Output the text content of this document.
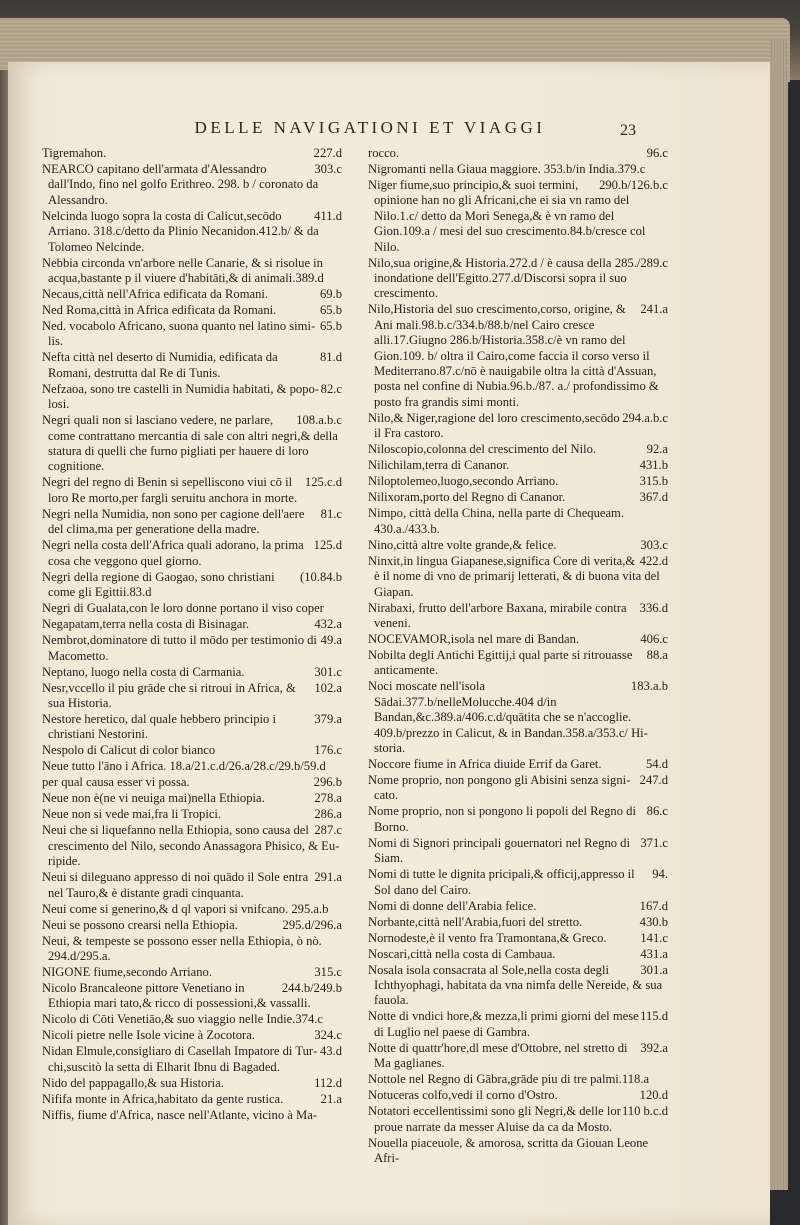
DELLE NAVIGATIONI ET VIAGGI	23
227.d
Tigremahon.
303.c
NEARCO capitano dell'armata d'Alessandro dall'Indo, fino nel golfo Erithreo. 298. b / coronato da Alessandro.
411.d
Nelcinda luogo sopra la costa di Calicut,secōdo Arriano. 318.c/detto da Plinio Necanidon.412.b/ & da Tolomeo Nelcinde.
Nebbia circonda vn'arbore nelle Canarie, & si risolue in acqua,bastante p il viuere d'habitāti,& di animali.389.d
69.b
Necaus,città nell'Africa edificata da Romani.
65.b
Ned Roma,città in Africa edificata da Romani.
65.b
Ned. vocabolo Africano, suona quanto nel latino similis.
81.d
Nefta città nel deserto di Numidia, edificata da Romani, destrutta dal Re di Tunis.
82.c
Nefzaoa, sono tre castelli in Numidia habitati, & popolosi.
108.a.b.c
Negri quali non si lasciano vedere, ne parlare, come contrattano mercantia di sale con altri negri,& della statura di quelli che furno pigliati per hauere di loro cognitione.
125.c.d
Negri del regno di Benin si sepelliscono viui cō il loro Re morto,per fargli seruitu anchora in morte.
81.c
Negri nella Numidia, non sono per cagione dell'aere del clima,ma per generatione della madre.
125.d
Negri nella costa dell'Africa quali adorano, la prima cosa che veggono quel giorno.
(10.84.b
Negri della regione di Gaogao, sono christiani come gli Egittii.83.d
Negri di Gualata,con le loro donne portano il viso coper
432.a
Negapatam,terra nella costa di Bisinagar.
49.a
Nembrot,dominatore di tutto il mōdo per testimonio di Macometto.
301.c
Neptano, luogo nella costa di Carmania.
102.a
Nesr,vccello il piu grāde che si ritroui in Africa, & sua Historia.
379.a
Nestore heretico, dal quale hebbero principio i christiani Nestorini.
176.c
Nespolo di Calicut di color bianco
Neue tutto l'āno i Africa. 18.a/21.c.d/26.a/28.c/29.b/59.d
296.b
per qual causa esser vi possa.
278.a
Neue non è(ne vi neuiga mai)nella Ethiopia.
286.a
Neue non si vede mai,fra li Tropici.
287.c
Neui che si liquefanno nella Ethiopia, sono causa del crescimento del Nilo, secondo Anassagora Phisico, & Euripide.
291.a
Neui si dileguano appresso di noi quādo il Sole entra nel Tauro,& è distante gradi cinquanta.
Neui come si generino,& d ql vapori si vnifcano. 295.a.b
295.d/296.a
Neui se possono crearsi nella Ethiopia.
Neui, & tempeste se possono esser nella Ethiopia, ò nò. 294.d/295.a.
315.c
NIGONE fiume,secondo Arriano.
244.b/249.b
Nicolo Brancaleone pittore Venetiano in Ethiopia mari tato,& ricco di possessioni,& vassalli.
Nicolo di Cōti Venetiāo,& suo viaggio nelle Indie.374.c
324.c
Nicoli pietre nelle Isole vicine à Zocotora.
43.d
Nidan Elmule,consigliaro di Casellah Impatore di Turchi,suscitò la setta di Elharit Ibnu di Bagaded.
112.d
Nido del pappagallo,& sua Historia.
21.a
Nififa monte in Africa,habitato da gente rustica.
Niffis, fiume d'Africa, nasce nell'Atlante, vicino à Ma-
96.c
rocco.
Nigromanti nella Giaua maggiore. 353.b/in India.379.c
290.b/126.b.c
Niger fiume,suo principio,& suoi termini, opinione han no gli Africani,che ei sia vn ramo del Nilo.1.c/ detto da Mori Senega,& è vn ramo del Gion.109.a / mesi del suo crescimento.84.b/cresce col Nilo.
285./289.c
Nilo,sua origine,& Historia.272.d / è causa della inondatione dell'Egitto.277.d/Discorsi sopra il suo crescimento.
241.a
Nilo,Historia del suo crescimento,corso, origine, & Ani mali.98.b.c/334.b/88.b/nel Cairo cresce alli.17.Giugno 286.b/Historia.358.c/è vn ramo del Gion.109. b/ oltra il Cairo,come faccia il corso verso il Mediterrano.87.c/nō è nauigabile oltra la città d'Assuan, posta nel confine di Nubia.96.b./87. a./ profondissimo & posto fra grandis simi monti.
294.a.b.c
Nilo,& Niger,ragione del loro crescimento,secōdo il Fra castoro.
92.a
Niloscopio,colonna del crescimento del Nilo.
431.b
Nilichilam,terra di Cananor.
315.b
Niloptolemeo,luogo,secondo Arriano.
367.d
Nilixoram,porto del Regno di Cananor.
Nimpo, città della China, nella parte di Chequeam. 430.a./433.b.
303.c
Nino,città altre volte grande,& felice.
422.d
Ninxit,in lingua Giapanese,significa Core di verita,& è il nome di vno de primarij letterati, & di buona vita del Giapan.
336.d
Nirabaxi, frutto dell'arbore Baxana, mirabile contra veneni.
406.c
NOCEVAMOR,isola nel mare di Bandan.
88.a
Nobilta degli Antichi Egittij,i qual parte si ritrouasse anticamente.
183.a.b
Noci moscate nell'isola Sādai.377.b/nelleMolucche.404 d/in Bandan,&c.389.a/406.c.d/quātita che se n'accoglie. 409.b/prezzo in Calicut, & in Bandan.358.a/353.c/ Historia.
54.d
Noccore fiume in Africa diuide Errif da Garet.
247.d
Nome proprio, non pongono gli Abisini senza signicato.
86.c
Nome proprio, non si pongono li popoli del Regno di Borno.
371.c
Nomi di Signori principali gouernatori nel Regno di Siam.
94.
Nomi di tutte le dignita pricipali,& officij,appresso il Sol dano del Cairo.
167.d
Nomi di donne dell'Arabia felice.
430.b
Norbante,città nell'Arabia,fuori del stretto.
141.c
Nornodeste,è il vento fra Tramontana,& Greco.
431.a
Noscari,città nella costa di Cambaua.
301.a
Nosala isola consacrata al Sole,nella costa degli Ichthyophagi, habitata da vna nimfa delle Nereide, & sua fauola.
115.d
Notte di vndici hore,& mezza,li primi giorni del mese di Luglio nel paese di Gambra.
392.a
Notte di quattr'hore,dl mese d'Ottobre, nel stretto di Ma gaglianes.
Nottole nel Regno di Gābra,grāde piu di tre palmi.118.a
120.d
Notuceras colfo,vedi il corno d'Ostro.
110 b.c.d
Notatori eccellentissimi sono gli Negri,& delle lor proue narrate da messer Aluise da ca da Mosto.
Nouella piaceuole, & amorosa, scritta da Giouan Leone Afri-
